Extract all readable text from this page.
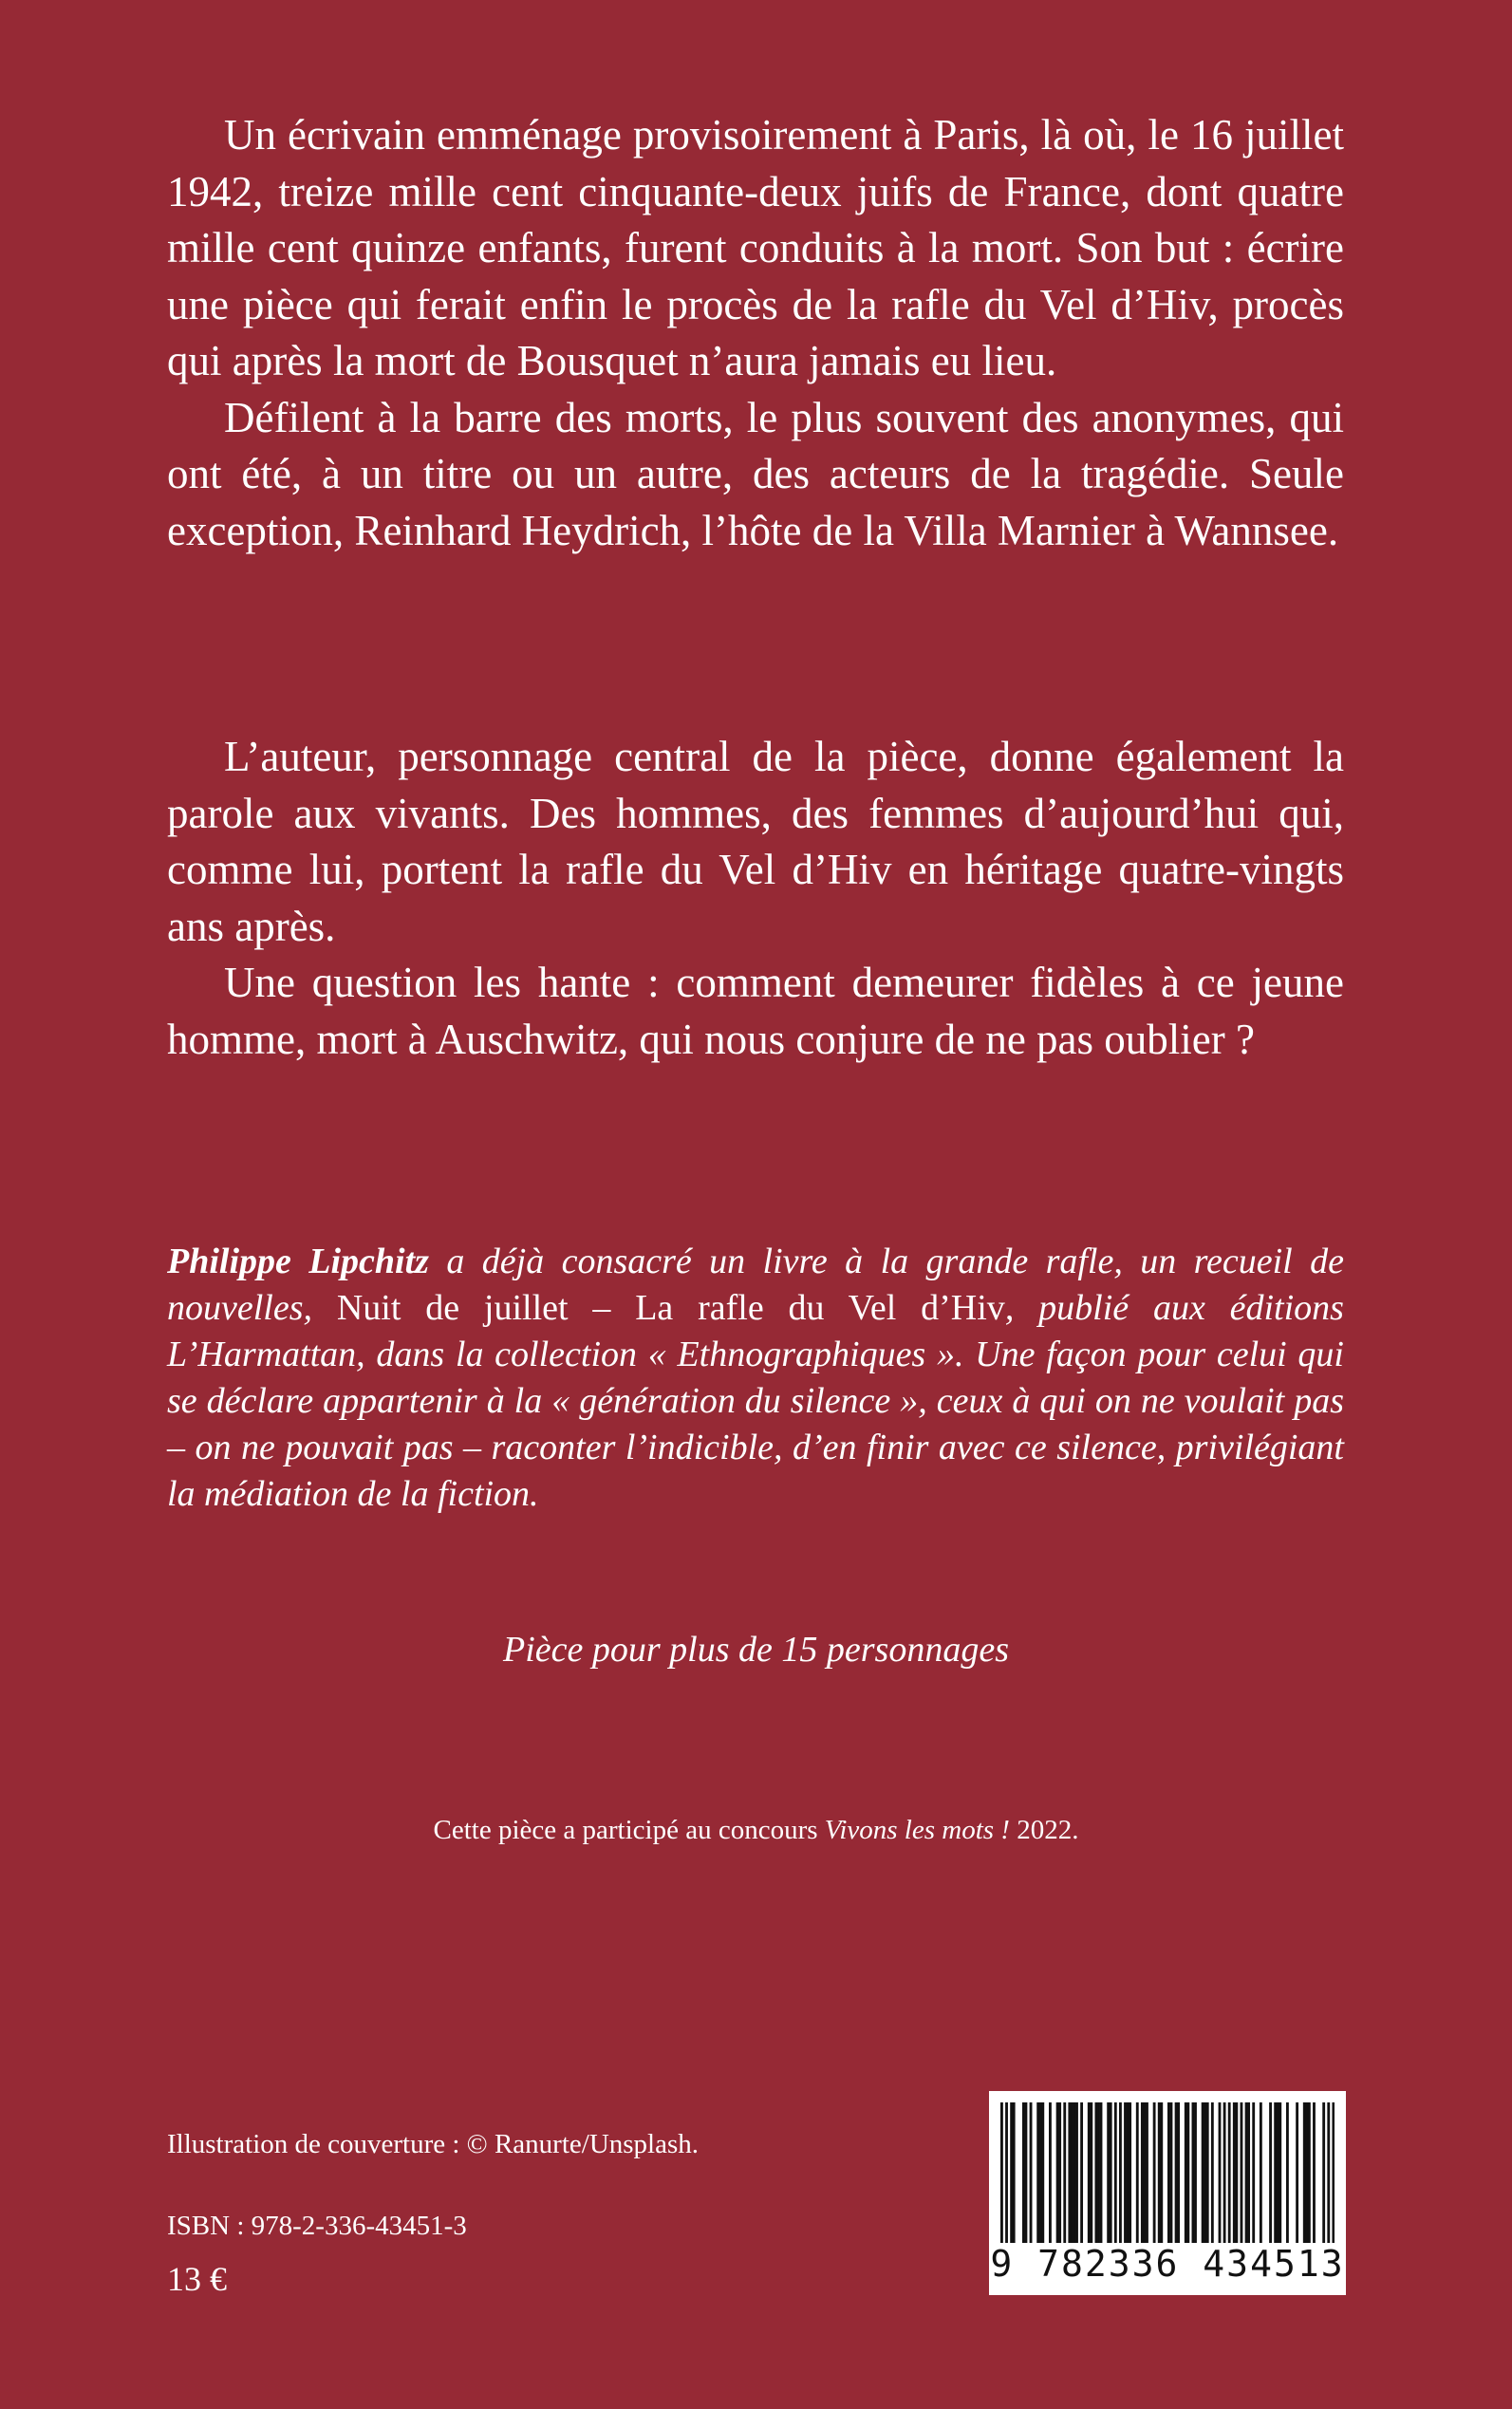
Un écrivain emménage provisoirement à Paris, là où, le 16 juillet 1942, treize mille cent cinquante-deux juifs de France, dont quatre mille cent quinze enfants, furent conduits à la mort. Son but : écrire une pièce qui ferait enfin le procès de la rafle du Vel d’Hiv, procès qui après la mort de Bousquet n’aura jamais eu lieu.

Défilent à la barre des morts, le plus souvent des anonymes, qui ont été, à un titre ou un autre, des acteurs de la tragédie. Seule exception, Reinhard Heydrich, l’hôte de la Villa Marnier à Wannsee.

L’auteur, personnage central de la pièce, donne également la parole aux vivants. Des hommes, des femmes d’aujourd’hui qui, comme lui, portent la rafle du Vel d’Hiv en héritage quatre-vingts ans après.

Une question les hante : comment demeurer fidèles à ce jeune homme, mort à Auschwitz, qui nous conjure de ne pas oublier ?

Philippe Lipchitz a déjà consacré un livre à la grande rafle, un recueil de nouvelles, Nuit de juillet – La rafle du Vel d’Hiv, publié aux éditions L’Harmattan, dans la collection « Ethnographiques ». Une façon pour celui qui se déclare appartenir à la « génération du silence », ceux à qui on ne voulait pas – on ne pouvait pas – raconter l’indicible, d’en finir avec ce silence, privilégiant la médiation de la fiction.
Pièce pour plus de 15 personnages
Cette pièce a participé au concours Vivons les mots ! 2022.
Illustration de couverture : © Ranurte/Unsplash.
ISBN : 978-2-336-43451-3
13 €	9 782336 434513
